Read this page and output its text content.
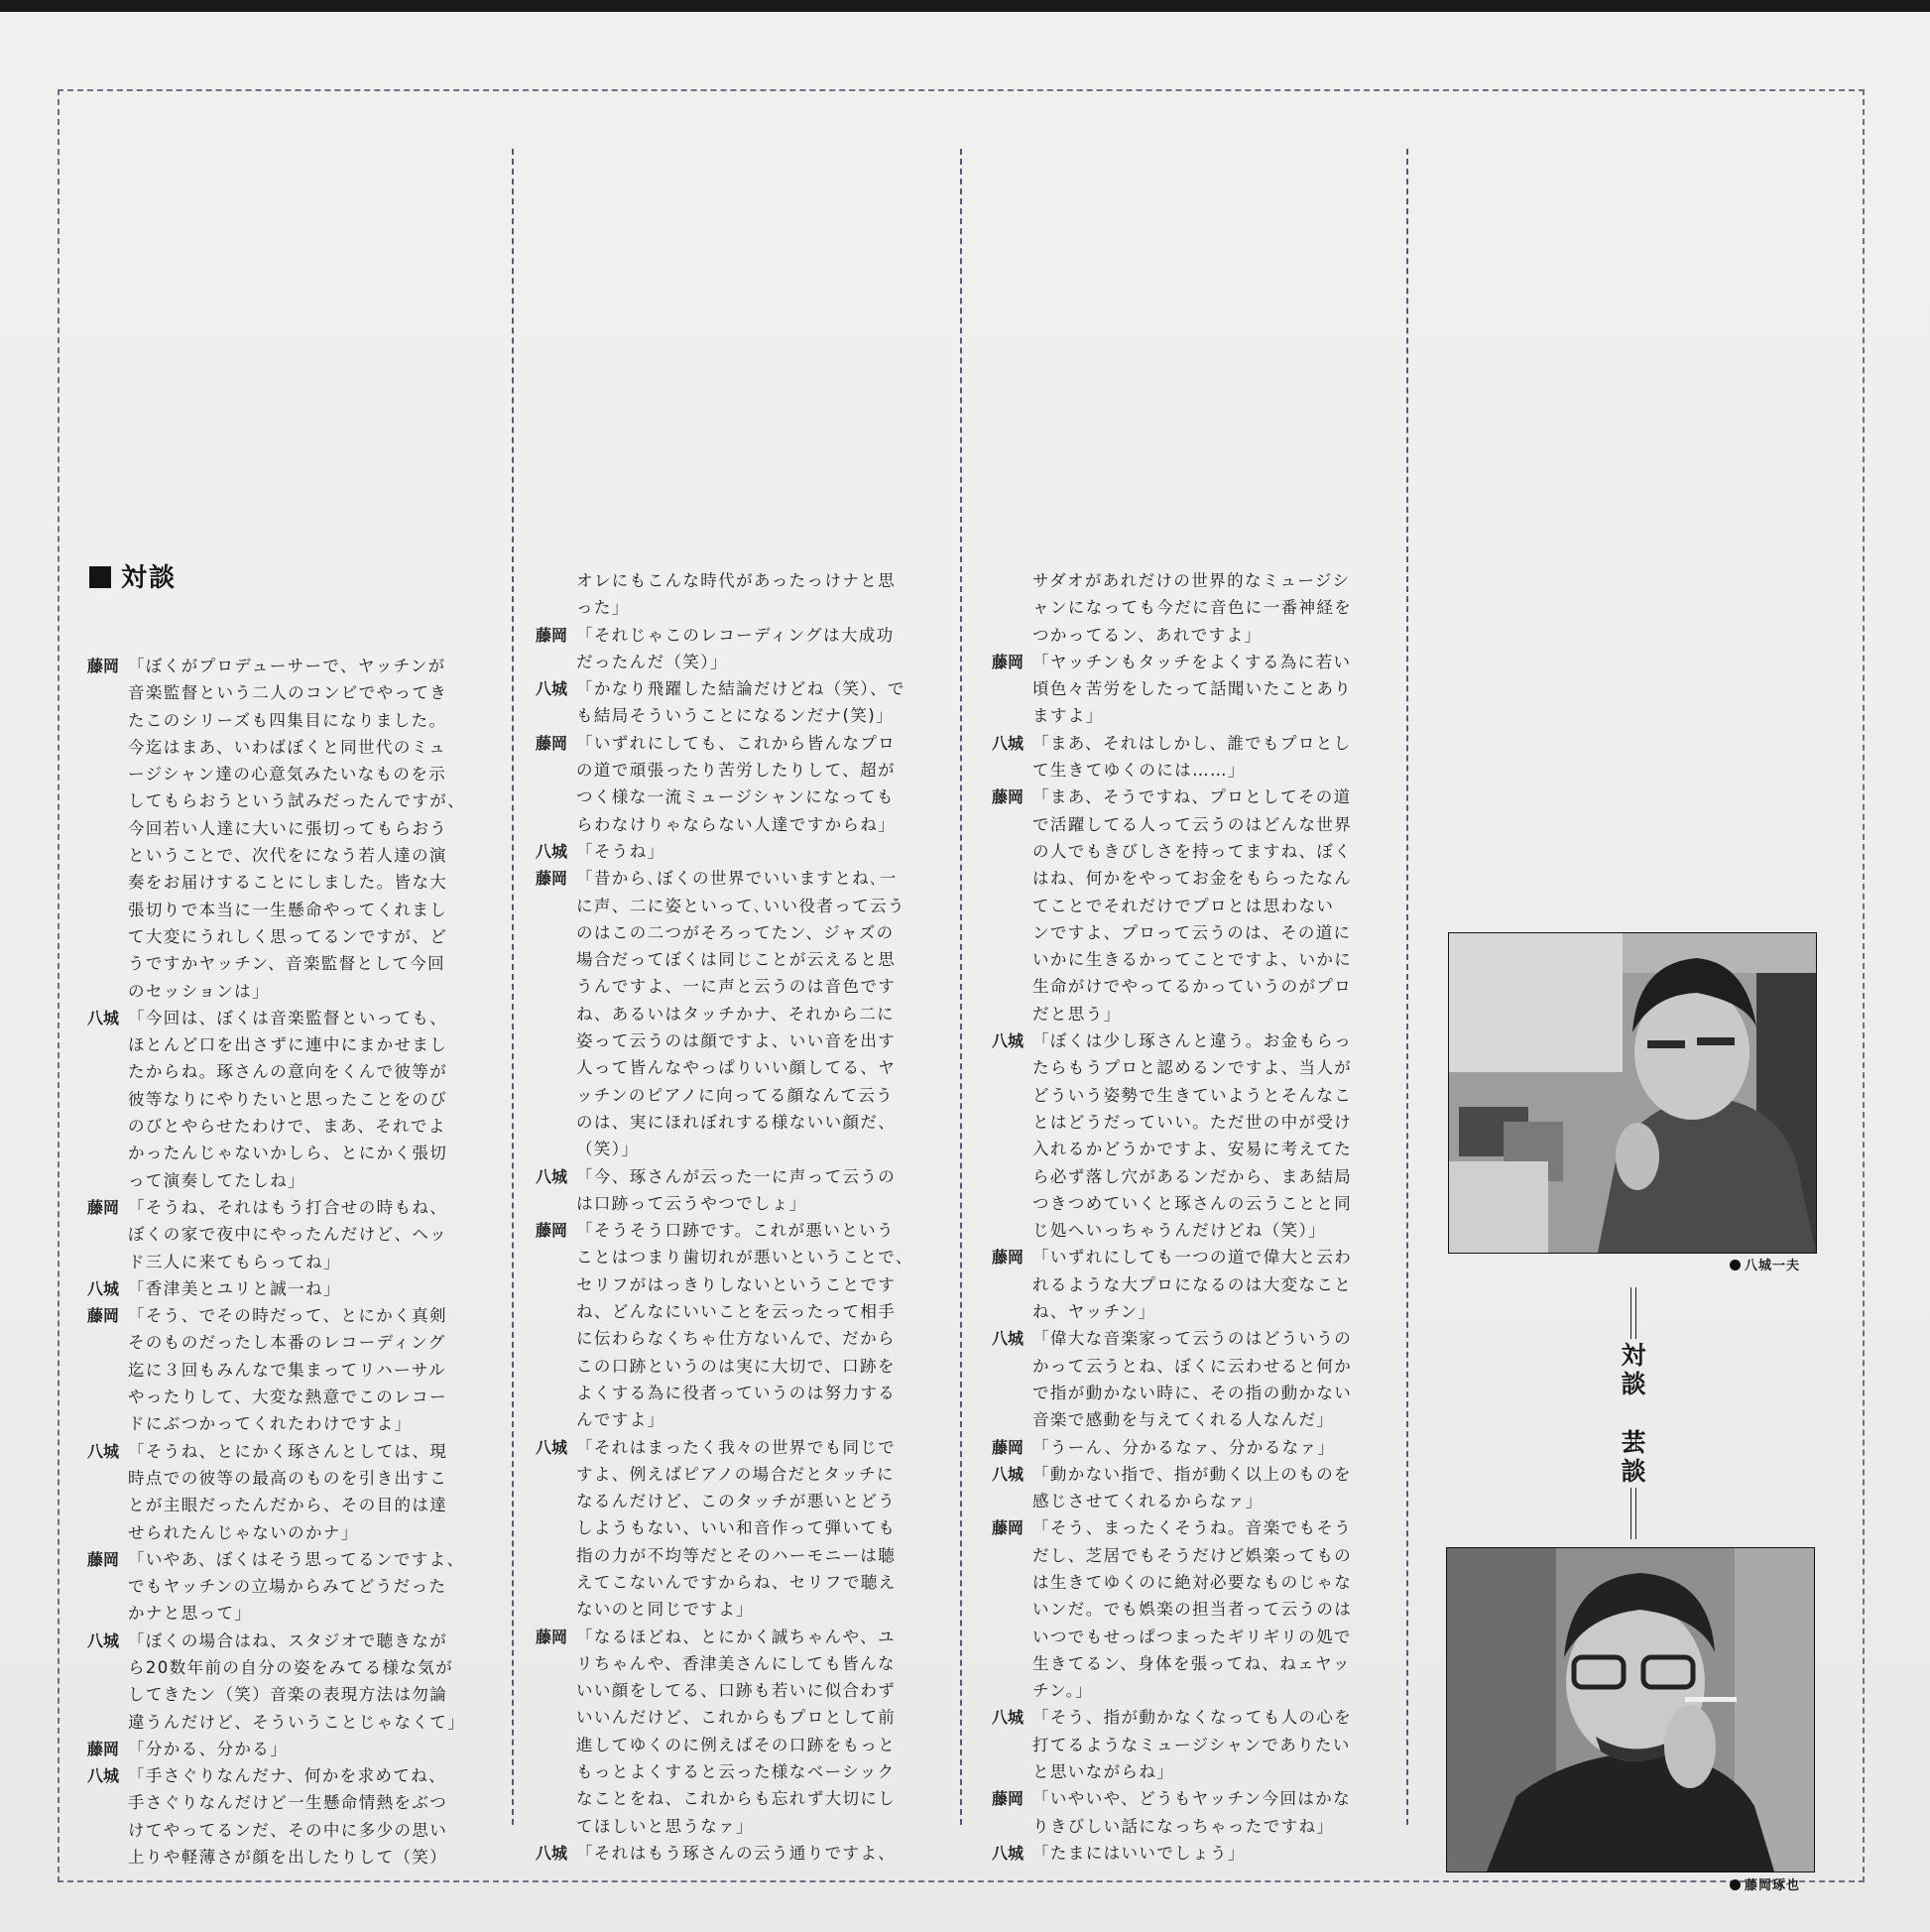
対談
藤岡 「ぼくがプロデューサーで、ヤッチンが
音楽監督という二人のコンビでやってき
たこのシリーズも四集目になりました。
今迄はまあ、いわばぼくと同世代のミュ
ージシャン達の心意気みたいなものを示
してもらおうという試みだったんですが、
今回若い人達に大いに張切ってもらおう
ということで、次代をになう若人達の演
奏をお届けすることにしました。皆な大
張切りで本当に一生懸命やってくれまし
て大変にうれしく思ってるンですが、ど
うですかヤッチン、音楽監督として今回
のセッションは」
八城 「今回は、ぼくは音楽監督といっても、
ほとんど口を出さずに連中にまかせまし
たからね。琢さんの意向をくんで彼等が
彼等なりにやりたいと思ったことをのび
のびとやらせたわけで、まあ、それでよ
かったんじゃないかしら、とにかく張切
って演奏してたしね」
藤岡 「そうね、それはもう打合せの時もね、
ぼくの家で夜中にやったんだけど、ヘッ
ド三人に来てもらってね」
八城 「香津美とユリと誠一ね」
藤岡 「そう、でその時だって、とにかく真剣
そのものだったし本番のレコーディング
迄に３回もみんなで集まってリハーサル
やったりして、大変な熱意でこのレコー
ドにぶつかってくれたわけですよ」
八城 「そうね、とにかく琢さんとしては、現
時点での彼等の最高のものを引き出すこ
とが主眼だったんだから、その目的は達
せられたんじゃないのかナ」
藤岡 「いやあ、ぼくはそう思ってるンですよ、
でもヤッチンの立場からみてどうだった
かナと思って」
八城 「ぼくの場合はね、スタジオで聴きなが
ら20数年前の自分の姿をみてる様な気が
してきたン（笑）音楽の表現方法は勿論
違うんだけど、そういうことじゃなくて」
藤岡 「分かる、分かる」
八城 「手さぐりなんだナ、何かを求めてね、
手さぐりなんだけど一生懸命情熱をぶつ
けてやってるンだ、その中に多少の思い
上りや軽薄さが顔を出したりして（笑）
オレにもこんな時代があったっけナと思
った」
藤岡 「それじゃこのレコーディングは大成功
だったんだ（笑）」
八城 「かなり飛躍した結論だけどね（笑）、で
も結局そういうことになるンだナ(笑)」
藤岡 「いずれにしても、これから皆んなプロ
の道で頑張ったり苦労したりして、超が
つく様な一流ミュージシャンになっても
らわなけりゃならない人達ですからね」
八城 「そうね」
藤岡 「昔から､ぼくの世界でいいますとね､一
に声、二に姿といって､いい役者って云う
のはこの二つがそろってたン、ジャズの
場合だってぼくは同じことが云えると思
うんですよ、一に声と云うのは音色です
ね、あるいはタッチかナ、それから二に
姿って云うのは顔ですよ、いい音を出す
人って皆んなやっぱりいい顔してる、ヤ
ッチンのピアノに向ってる顔なんて云う
のは、実にほれぼれする様ないい顔だ、
（笑）」
八城 「今、琢さんが云った一に声って云うの
は口跡って云うやつでしょ」
藤岡 「そうそう口跡です。これが悪いという
ことはつまり歯切れが悪いということで、
セリフがはっきりしないということです
ね、どんなにいいことを云ったって相手
に伝わらなくちゃ仕方ないんで、だから
この口跡というのは実に大切で、口跡を
よくする為に役者っていうのは努力する
んですよ」
八城 「それはまったく我々の世界でも同じで
すよ、例えばピアノの場合だとタッチに
なるんだけど、このタッチが悪いとどう
しようもない、いい和音作って弾いても
指の力が不均等だとそのハーモニーは聴
えてこないんですからね、セリフで聴え
ないのと同じですよ」
藤岡 「なるほどね、とにかく誠ちゃんや、ユ
リちゃんや、香津美さんにしても皆んな
いい顔をしてる、口跡も若いに似合わず
いいんだけど、これからもプロとして前
進してゆくのに例えばその口跡をもっと
もっとよくすると云った様なベーシック
なことをね、これからも忘れず大切にし
てほしいと思うなァ」
八城 「それはもう琢さんの云う通りですよ、
サダオがあれだけの世界的なミュージシ
ャンになっても今だに音色に一番神経を
つかってるン、あれですよ」
藤岡 「ヤッチンもタッチをよくする為に若い
頃色々苦労をしたって話聞いたことあり
ますよ」
八城 「まあ、それはしかし、誰でもプロとし
て生きてゆくのには……」
藤岡 「まあ、そうですね、プロとしてその道
で活躍してる人って云うのはどんな世界
の人でもきびしさを持ってますね、ぼく
はね、何かをやってお金をもらったなん
てことでそれだけでプロとは思わない
ンですよ、プロって云うのは、その道に
いかに生きるかってことですよ、いかに
生命がけでやってるかっていうのがプロ
だと思う」
八城 「ぼくは少し琢さんと違う。お金もらっ
たらもうプロと認めるンですよ、当人が
どういう姿勢で生きていようとそんなこ
とはどうだっていい。ただ世の中が受け
入れるかどうかですよ、安易に考えてた
ら必ず落し穴があるンだから、まあ結局
つきつめていくと琢さんの云うことと同
じ処へいっちゃうんだけどね（笑）」
藤岡 「いずれにしても一つの道で偉大と云わ
れるような大プロになるのは大変なこと
ね、ヤッチン」
八城 「偉大な音楽家って云うのはどういうの
かって云うとね、ぼくに云わせると何か
で指が動かない時に、その指の動かない
音楽で感動を与えてくれる人なんだ」
藤岡 「うーん、分かるなァ、分かるなァ」
八城 「動かない指で、指が動く以上のものを
感じさせてくれるからなァ」
藤岡 「そう、まったくそうね。音楽でもそう
だし、芝居でもそうだけど娯楽ってもの
は生きてゆくのに絶対必要なものじゃな
いンだ。でも娯楽の担当者って云うのは
いつでもせっぱつまったギリギリの処で
生きてるン、身体を張ってね、ねェヤッ
チン。」
八城 「そう、指が動かなくなっても人の心を
打てるようなミュージシャンでありたい
と思いながらね」
藤岡 「いやいや、どうもヤッチン今回はかな
りきびしい話になっちゃったですね」
八城 「たまにはいいでしょう」
八城一夫
対談
芸談
藤岡琢也
